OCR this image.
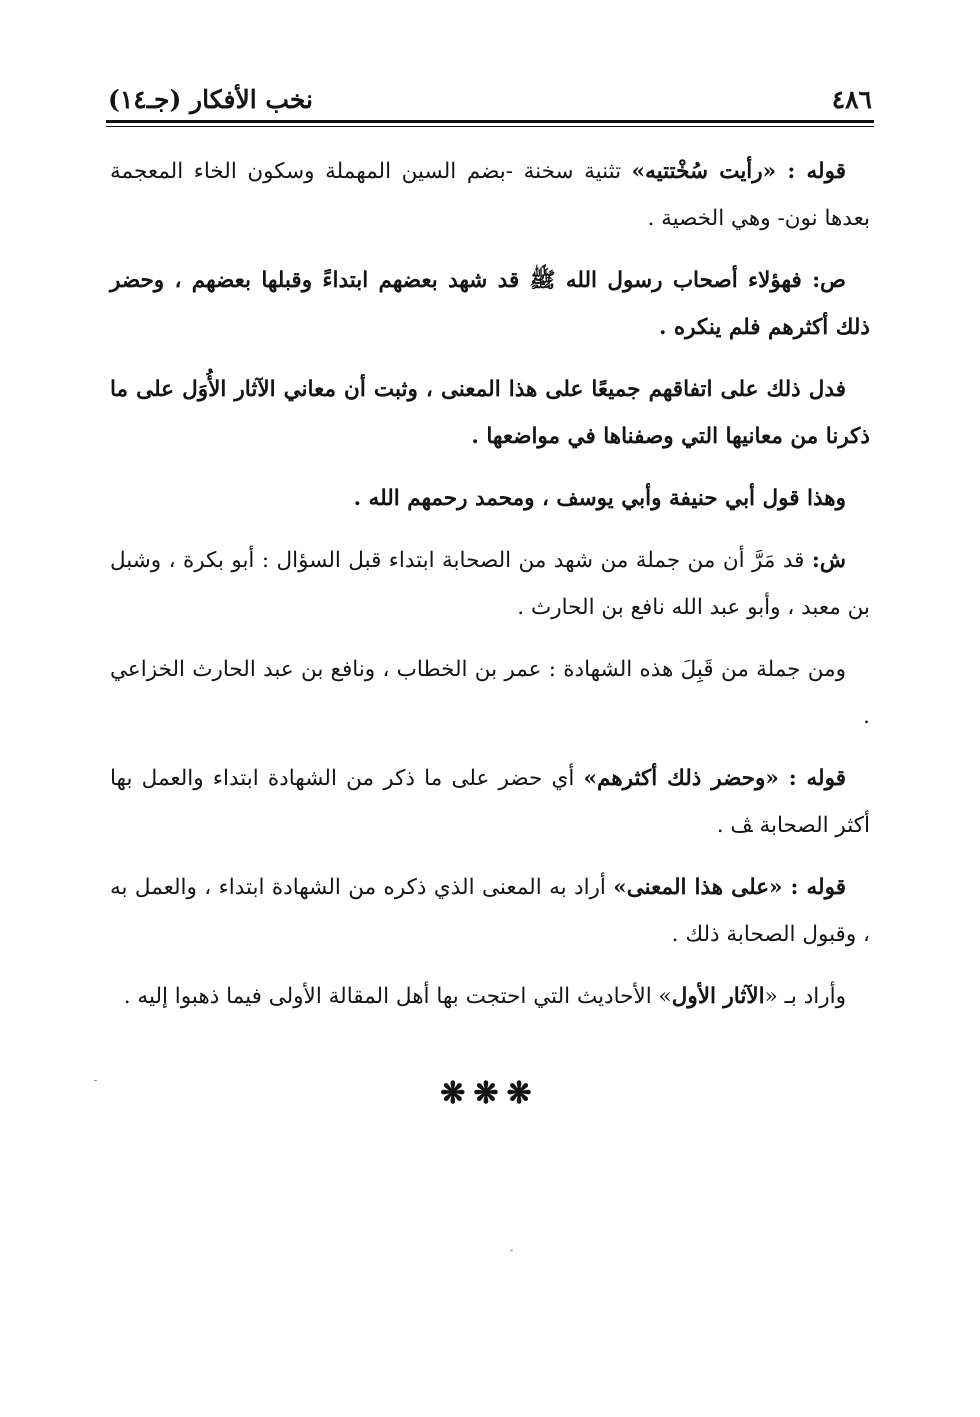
٤٨٦
نخب الأفكار (جـ١٤)

قوله : «رأيت سُخْتتيه» تثنية سخنة -بضم السين المهملة وسكون الخاء المعجمة بعدها نون- وهي الخصية .

ص: فهؤلاء أصحاب رسول الله ﷺ قد شهد بعضهم ابتداءً وقبلها بعضهم ، وحضر ذلك أكثرهم فلم ينكره .

فدل ذلك على اتفاقهم جميعًا على هذا المعنى ، وثبت أن معاني الآثار الأُوَل على ما ذكرنا من معانيها التي وصفناها في مواضعها .

وهذا قول أبي حنيفة وأبي يوسف ، ومحمد رحمهم الله .

ش: قد مَرَّ أن من جملة من شهد من الصحابة ابتداء قبل السؤال : أبو بكرة ، وشبل بن معبد ، وأبو عبد الله نافع بن الحارث .

ومن جملة من قَبِلَ هذه الشهادة : عمر بن الخطاب ، ونافع بن عبد الحارث الخزاعي .

قوله : «وحضر ذلك أكثرهم» أي حضر على ما ذكر من الشهادة ابتداء والعمل بها أكثر الصحابة ﭫ .

قوله : «على هذا المعنى» أراد به المعنى الذي ذكره من الشهادة ابتداء ، والعمل به ، وقبول الصحابة ذلك .

وأراد بـ «الآثار الأول» الأحاديث التي احتجت بها أهل المقالة الأولى فيما ذهبوا إليه .

❋❋❋
